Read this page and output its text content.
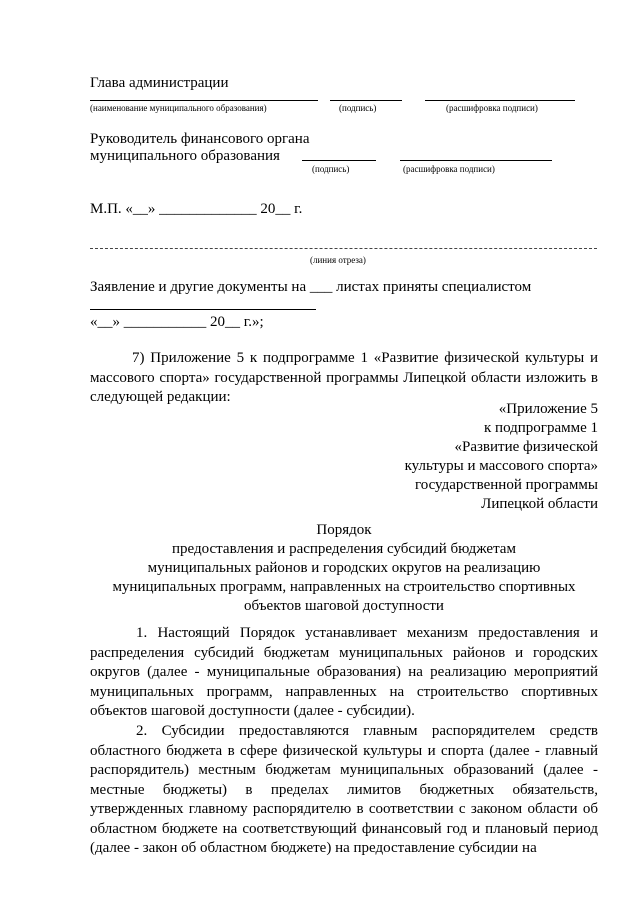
Глава администрации
(наименование муниципального образования)	(подпись)	(расшифровка подписи)
Руководитель финансового органа
муниципального образования
(подпись)	(расшифровка подписи)
М.П. «__» _____________ 20__ г.
(линия отреза)
Заявление и другие документы на ___ листах приняты специалистом
«__» ___________ 20__ г.»;
7) Приложение 5 к подпрограмме 1 «Развитие физической культуры и массового спорта» государственной программы Липецкой области изложить в следующей редакции:
«Приложение 5
к подпрограмме 1
«Развитие физической
культуры и массового спорта»
государственной программы
Липецкой области
Порядок
предоставления и распределения субсидий бюджетам
муниципальных районов и городских округов на реализацию
муниципальных программ, направленных на строительство спортивных
объектов шаговой доступности
1. Настоящий Порядок устанавливает механизм предоставления и распределения субсидий бюджетам муниципальных районов и городских округов (далее - муниципальные образования) на реализацию мероприятий муниципальных программ, направленных на строительство спортивных объектов шаговой доступности (далее - субсидии).
2. Субсидии предоставляются главным распорядителем средств областного бюджета в сфере физической культуры и спорта (далее - главный распорядитель) местным бюджетам муниципальных образований (далее - местные бюджеты) в пределах лимитов бюджетных обязательств, утвержденных главному распорядителю в соответствии с законом области об областном бюджете на соответствующий финансовый год и плановый период (далее - закон об областном бюджете) на предоставление субсидии на
